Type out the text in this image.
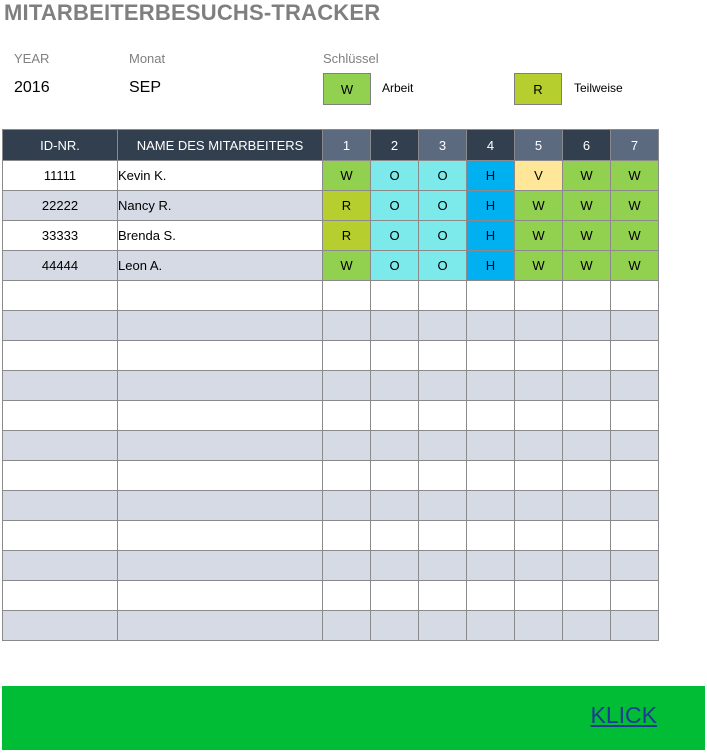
MITARBEITERBESUCHS-TRACKER
YEAR
2016
Monat
SEP
Schlüssel
W Arbeit	R	Teilweise
ID-NR.	NAME DES MITARBEITERS	1	2	3	4	5	6	7
11111	Kevin K.	W	O	O	H	V	W	W
22222	Nancy R.	R	O	O	H	W	W	W
33333	Brenda S.	R	O	O	H	W	W	W
44444	Leon A.	W	O	O	H	W	W	W

KLICK
